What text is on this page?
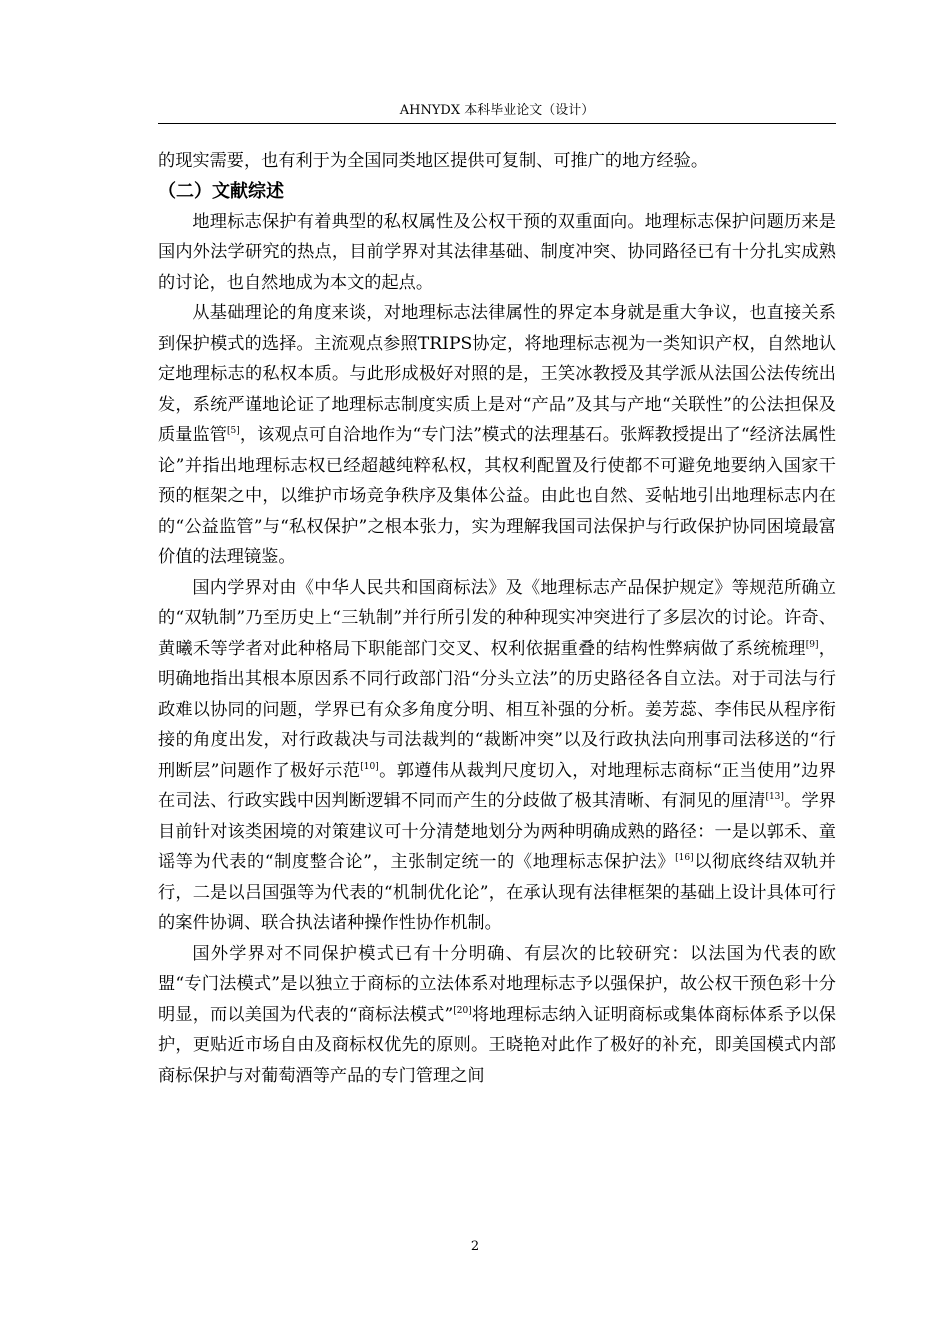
AHNYDX 本科毕业论文（设计）

的现实需要，也有利于为全国同类地区提供可复制、可推广的地方经验。

（二）文献综述

地理标志保护有着典型的私权属性及公权干预的双重面向。地理标志保护问题历来是国内外法学研究的热点，目前学界对其法律基础、制度冲突、协同路径已有十分扎实成熟的讨论，也自然地成为本文的起点。

从基础理论的角度来谈，对地理标志法律属性的界定本身就是重大争议，也直接关系到保护模式的选择。主流观点参照TRIPS协定，将地理标志视为一类知识产权，自然地认定地理标志的私权本质。与此形成极好对照的是，王笑冰教授及其学派从法国公法传统出发，系统严谨地论证了地理标志制度实质上是对“产品”及其与产地“关联性”的公法担保及质量监管[5]，该观点可自洽地作为“专门法”模式的法理基石。张辉教授提出了“经济法属性论”并指出地理标志权已经超越纯粹私权，其权利配置及行使都不可避免地要纳入国家干预的框架之中，以维护市场竞争秩序及集体公益。由此也自然、妥帖地引出地理标志内在的“公益监管”与“私权保护”之根本张力，实为理解我国司法保护与行政保护协同困境最富价值的法理镜鉴。

国内学界对由《中华人民共和国商标法》及《地理标志产品保护规定》等规范所确立的“双轨制”乃至历史上“三轨制”并行所引发的种种现实冲突进行了多层次的讨论。许奇、黄曦禾等学者对此种格局下职能部门交叉、权利依据重叠的结构性弊病做了系统梳理[9]，明确地指出其根本原因系不同行政部门沿“分头立法”的历史路径各自立法。对于司法与行政难以协同的问题，学界已有众多角度分明、相互补强的分析。姜芳蕊、李伟民从程序衔接的角度出发，对行政裁决与司法裁判的“裁断冲突”以及行政执法向刑事司法移送的“行刑断层”问题作了极好示范[10]。郭遵伟从裁判尺度切入，对地理标志商标“正当使用”边界在司法、行政实践中因判断逻辑不同而产生的分歧做了极其清晰、有洞见的厘清[13]。学界目前针对该类困境的对策建议可十分清楚地划分为两种明确成熟的路径：一是以郭禾、童谣等为代表的“制度整合论”，主张制定统一的《地理标志保护法》[16]以彻底终结双轨并行，二是以吕国强等为代表的“机制优化论”，在承认现有法律框架的基础上设计具体可行的案件协调、联合执法诸种操作性协作机制。

国外学界对不同保护模式已有十分明确、有层次的比较研究：以法国为代表的欧盟“专门法模式”是以独立于商标的立法体系对地理标志予以强保护，故公权干预色彩十分明显，而以美国为代表的“商标法模式”[20]将地理标志纳入证明商标或集体商标体系予以保护，更贴近市场自由及商标权优先的原则。王晓艳对此作了极好的补充，即美国模式内部商标保护与对葡萄酒等产品的专门管理之间

2
